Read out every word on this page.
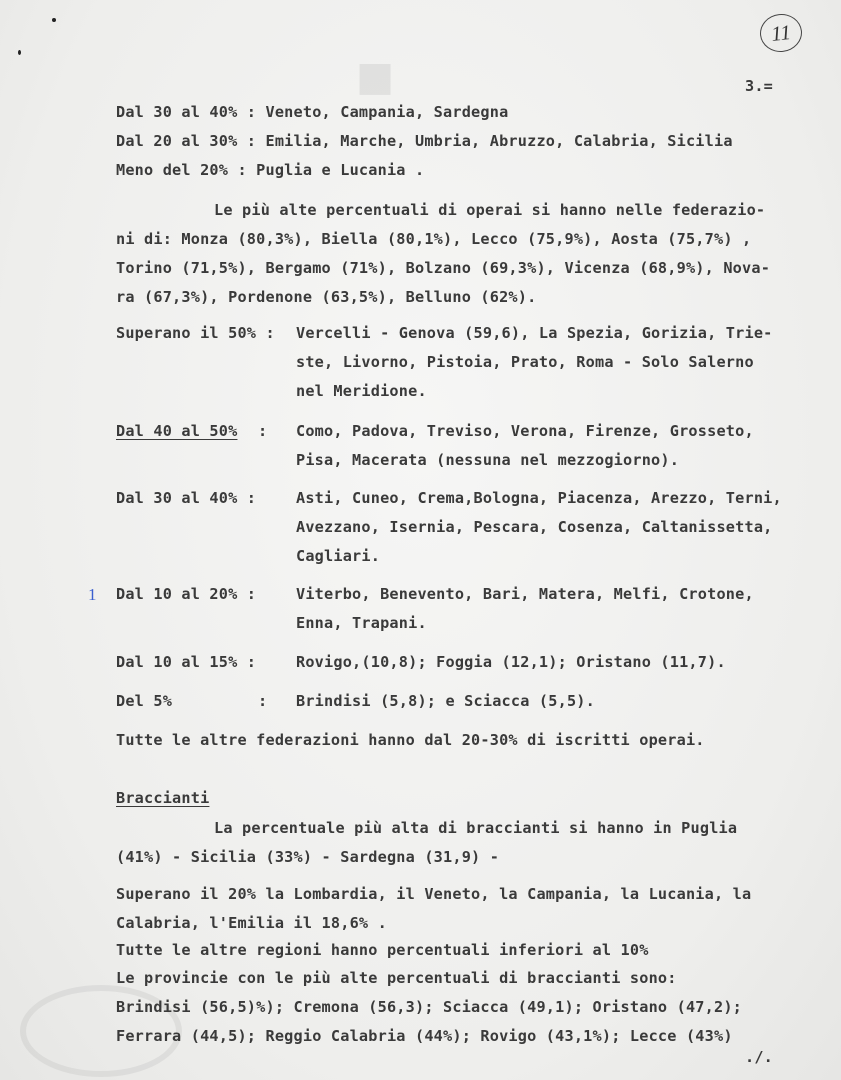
■
11
3.=
Dal 30 al 40% : Veneto, Campania, Sardegna
Dal 20 al 30% : Emilia, Marche, Umbria, Abruzzo, Calabria, Sicilia
Meno del 20% : Puglia e Lucania .
Le più alte percentuali di operai si hanno nelle federazio-
ni di: Monza (80,3%), Biella (80,1%), Lecco (75,9%), Aosta (75,7%) ,
Torino (71,5%), Bergamo (71%), Bolzano (69,3%), Vicenza (68,9%), Nova-
ra (67,3%), Pordenone (63,5%), Belluno (62%).
Superano il 50% : Vercelli - Genova (59,6), La Spezia, Gorizia, Trie-
ste, Livorno, Pistoia, Prato, Roma - Solo Salerno
nel Meridione.
Dal 40 al 50% : Como, Padova, Treviso, Verona, Firenze, Grosseto,
Pisa, Macerata (nessuna nel mezzogiorno).
Dal 30 al 40% :	Asti, Cuneo, Crema,Bologna, Piacenza, Arezzo, Terni,
Avezzano, Isernia, Pescara, Cosenza, Caltanissetta,
Cagliari.
1 Dal 10 al 20% :	Viterbo, Benevento, Bari, Matera, Melfi, Crotone,
Enna, Trapani.
Dal 10 al 15% :	Rovigo,(10,8); Foggia (12,1); Oristano (11,7).
Del 5%	: Brindisi (5,8); e Sciacca (5,5).
Tutte le altre federazioni hanno dal 20-30% di iscritti operai.
Braccianti
La percentuale più alta di braccianti si hanno in Puglia
(41%) - Sicilia (33%) - Sardegna (31,9) -
Superano il 20% la Lombardia, il Veneto, la Campania, la Lucania, la
Calabria, l'Emilia il 18,6% .
Tutte le altre regioni hanno percentuali inferiori al 10%
Le provincie con le più alte percentuali di braccianti sono:
Brindisi (56,5)%); Cremona (56,3); Sciacca (49,1); Oristano (47,2);
Ferrara (44,5); Reggio Calabria (44%); Rovigo (43,1%); Lecce (43%)
./.
